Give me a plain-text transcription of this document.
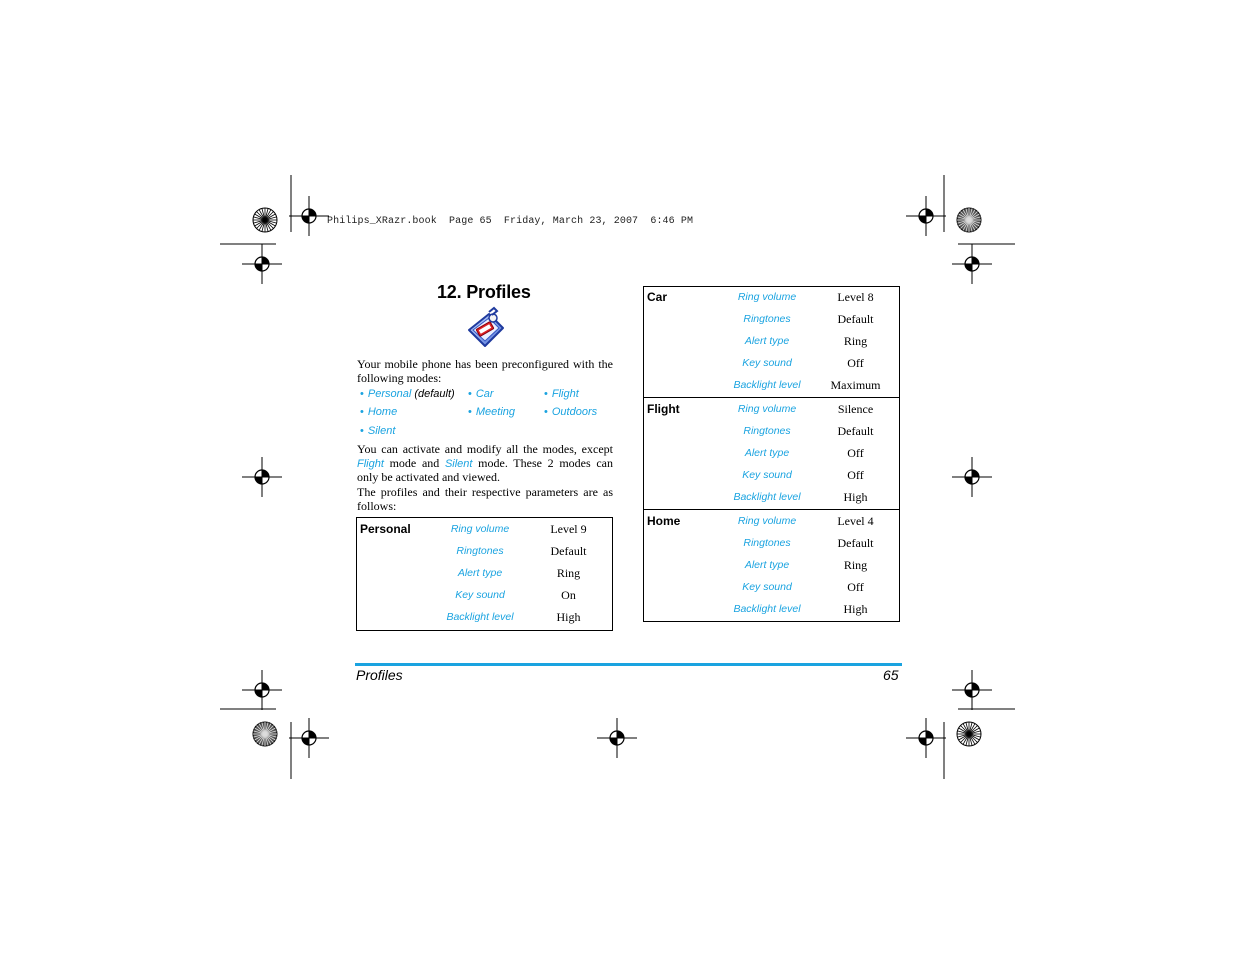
Philips_XRazr.book  Page 65  Friday, March 23, 2007  6:46 PM
12. Profiles
Your mobile phone has been preconfigured with the following modes:
• Personal (default) • Car	• Flight
• Home	• Meeting	• Outdoors
• Silent
You can activate and modify all the modes, except Flight mode and Silent mode. These 2 modes can only be activated and viewed.
The profiles and their respective parameters are as follows:
Personal	Ring volume	Level 9
	Ringtones	Default
	Alert type	Ring
	Key sound	On
	Backlight level	High
Car	Ring volume	Level 8
	Ringtones	Default
	Alert type	Ring
	Key sound	Off
	Backlight level	Maximum
Flight	Ring volume	Silence
	Ringtones	Default
	Alert type	Off
	Key sound	Off
	Backlight level	High
Home	Ring volume	Level 4
	Ringtones	Default
	Alert type	Ring
	Key sound	Off
	Backlight level	High
Profiles	65
